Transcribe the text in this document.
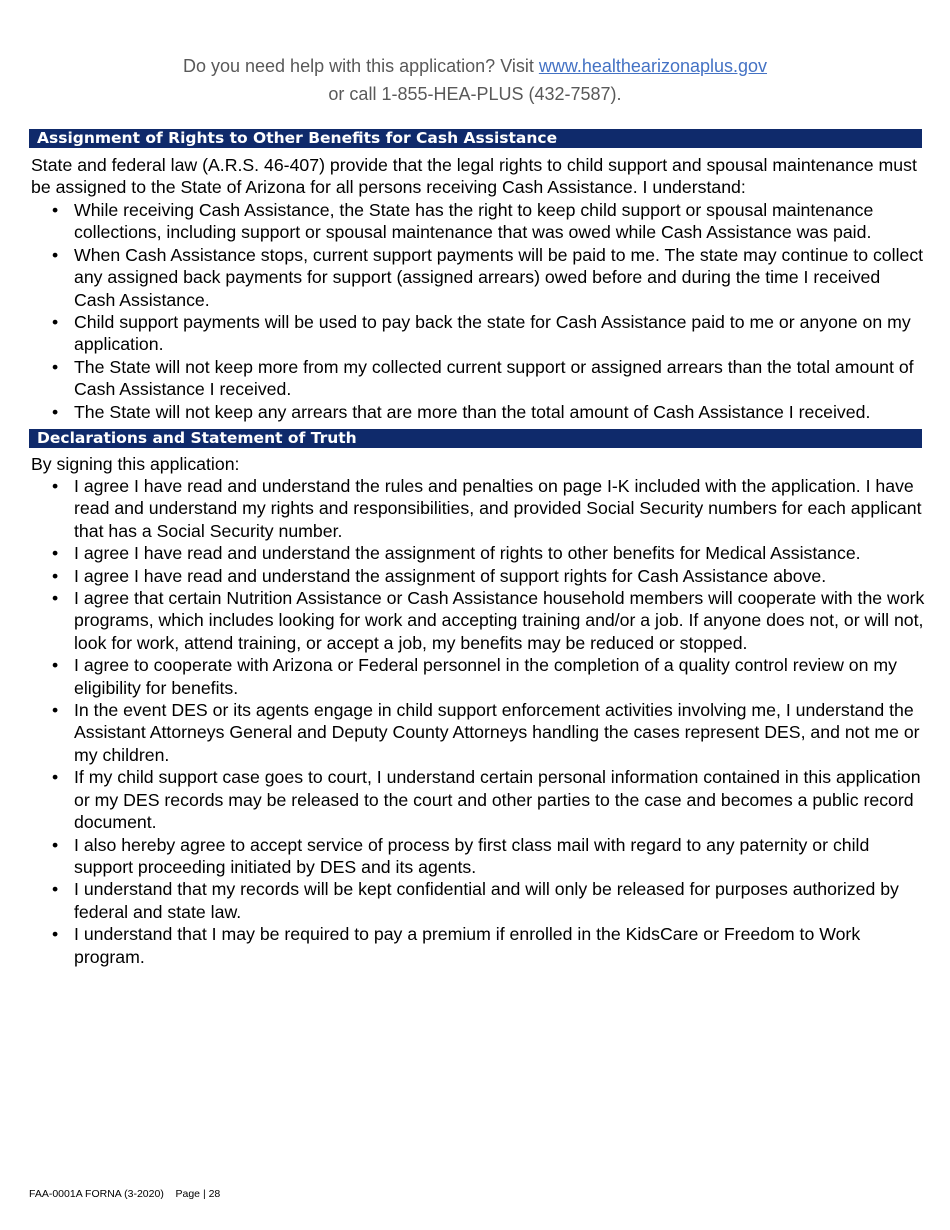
Do you need help with this application? Visit www.healthearizonaplus.gov
or call 1-855-HEA-PLUS (432-7587).
Assignment of Rights to Other Benefits for Cash Assistance
State and federal law (A.R.S. 46-407) provide that the legal rights to child support and spousal maintenance must be assigned to the State of Arizona for all persons receiving Cash Assistance. I understand:
• While receiving Cash Assistance, the State has the right to keep child support or spousal maintenance collections, including support or spousal maintenance that was owed while Cash Assistance was paid.
• When Cash Assistance stops, current support payments will be paid to me. The state may continue to collect any assigned back payments for support (assigned arrears) owed before and during the time I received Cash Assistance.
• Child support payments will be used to pay back the state for Cash Assistance paid to me or anyone on my application.
• The State will not keep more from my collected current support or assigned arrears than the total amount of Cash Assistance I received.
• The State will not keep any arrears that are more than the total amount of Cash Assistance I received.
Declarations and Statement of Truth
By signing this application:
• I agree I have read and understand the rules and penalties on page I-K included with the application. I have read and understand my rights and responsibilities, and provided Social Security numbers for each applicant that has a Social Security number.
• I agree I have read and understand the assignment of rights to other benefits for Medical Assistance.
• I agree I have read and understand the assignment of support rights for Cash Assistance above.
• I agree that certain Nutrition Assistance or Cash Assistance household members will cooperate with the work programs, which includes looking for work and accepting training and/or a job. If anyone does not, or will not, look for work, attend training, or accept a job, my benefits may be reduced or stopped.
• I agree to cooperate with Arizona or Federal personnel in the completion of a quality control review on my eligibility for benefits.
• In the event DES or its agents engage in child support enforcement activities involving me, I understand the Assistant Attorneys General and Deputy County Attorneys handling the cases represent DES, and not me or my children.
• If my child support case goes to court, I understand certain personal information contained in this application or my DES records may be released to the court and other parties to the case and becomes a public record document.
• I also hereby agree to accept service of process by first class mail with regard to any paternity or child support proceeding initiated by DES and its agents.
• I understand that my records will be kept confidential and will only be released for purposes authorized by federal and state law.
• I understand that I may be required to pay a premium if enrolled in the KidsCare or Freedom to Work program.
FAA-0001A FORNA (3-2020) Page | 28
